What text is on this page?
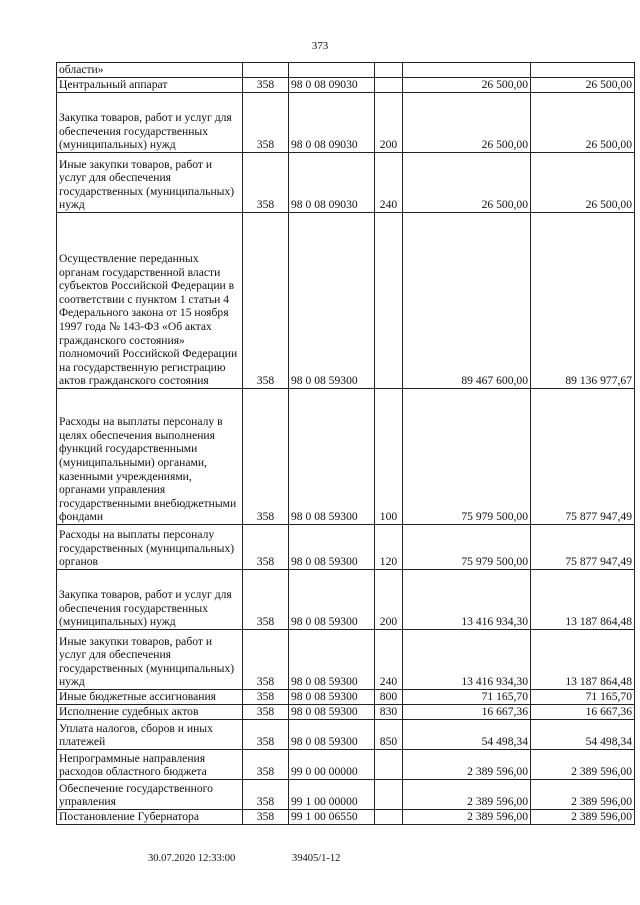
373
области»					
Центральный аппарат	358	98 0 08 09030		26 500,00	26 500,00
Закупка товаров, работ и услуг для обеспечения государственных (муниципальных) нужд	358	98 0 08 09030	200	26 500,00	26 500,00
Иные закупки товаров, работ и услуг для обеспечения государственных (муниципальных) нужд	358	98 0 08 09030	240	26 500,00	26 500,00
Осуществление переданных органам государственной власти субъектов Российской Федерации в соответствии с пунктом 1 статьи 4 Федерального закона от 15 ноября 1997 года № 143-ФЗ «Об актах гражданского состояния» полномочий Российской Федерации на государственную регистрацию актов гражданского состояния	358	98 0 08 59300		89 467 600,00	89 136 977,67
Расходы на выплаты персоналу в целях обеспечения выполнения функций государственными (муниципальными) органами, казенными учреждениями, органами управления государственными внебюджетными фондами	358	98 0 08 59300	100	75 979 500,00	75 877 947,49
Расходы на выплаты персоналу государственных (муниципальных) органов	358	98 0 08 59300	120	75 979 500,00	75 877 947,49
Закупка товаров, работ и услуг для обеспечения государственных (муниципальных) нужд	358	98 0 08 59300	200	13 416 934,30	13 187 864,48
Иные закупки товаров, работ и услуг для обеспечения государственных (муниципальных) нужд	358	98 0 08 59300	240	13 416 934,30	13 187 864,48
Иные бюджетные ассигнования	358	98 0 08 59300	800	71 165,70	71 165,70
Исполнение судебных актов	358	98 0 08 59300	830	16 667,36	16 667,36
Уплата налогов, сборов и иных платежей	358	98 0 08 59300	850	54 498,34	54 498,34
Непрограммные направления расходов областного бюджета	358	99 0 00 00000		2 389 596,00	2 389 596,00
Обеспечение государственного управления	358	99 1 00 00000		2 389 596,00	2 389 596,00
Постановление Губернатора	358	99 1 00 06550		2 389 596,00	2 389 596,00
30.07.2020 12:33:00	39405/1-12
